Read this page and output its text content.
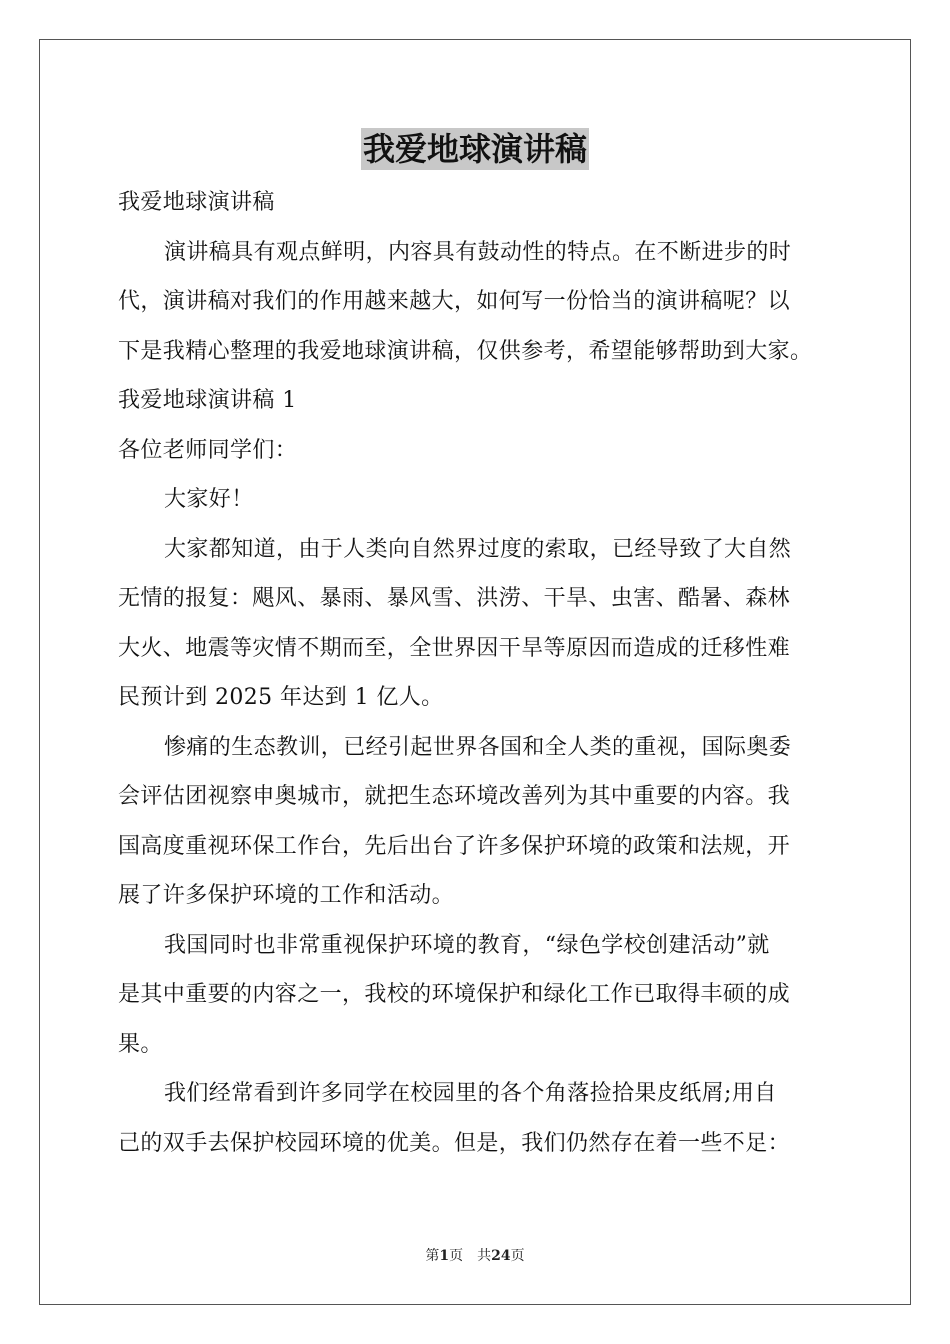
我爱地球演讲稿
我爱地球演讲稿
演讲稿具有观点鲜明，内容具有鼓动性的特点。在不断进步的时
代，演讲稿对我们的作用越来越大，如何写一份恰当的演讲稿呢？以
下是我精心整理的我爱地球演讲稿，仅供参考，希望能够帮助到大家。
我爱地球演讲稿 1
各位老师同学们：
大家好！
大家都知道，由于人类向自然界过度的索取，已经导致了大自然
无情的报复：飓风、暴雨、暴风雪、洪涝、干旱、虫害、酷暑、森林
大火、地震等灾情不期而至，全世界因干旱等原因而造成的迁移性难
民预计到 2025 年达到 1 亿人。
惨痛的生态教训，已经引起世界各国和全人类的重视，国际奥委
会评估团视察申奥城市，就把生态环境改善列为其中重要的内容。我
国高度重视环保工作台，先后出台了许多保护环境的政策和法规，开
展了许多保护环境的工作和活动。
我国同时也非常重视保护环境的教育，“绿色学校创建活动”就
是其中重要的内容之一，我校的环境保护和绿化工作已取得丰硕的成
果。
我们经常看到许多同学在校园里的各个角落捡拾果皮纸屑;用自
己的双手去保护校园环境的优美。但是，我们仍然存在着一些不足：
第1页　共24页
